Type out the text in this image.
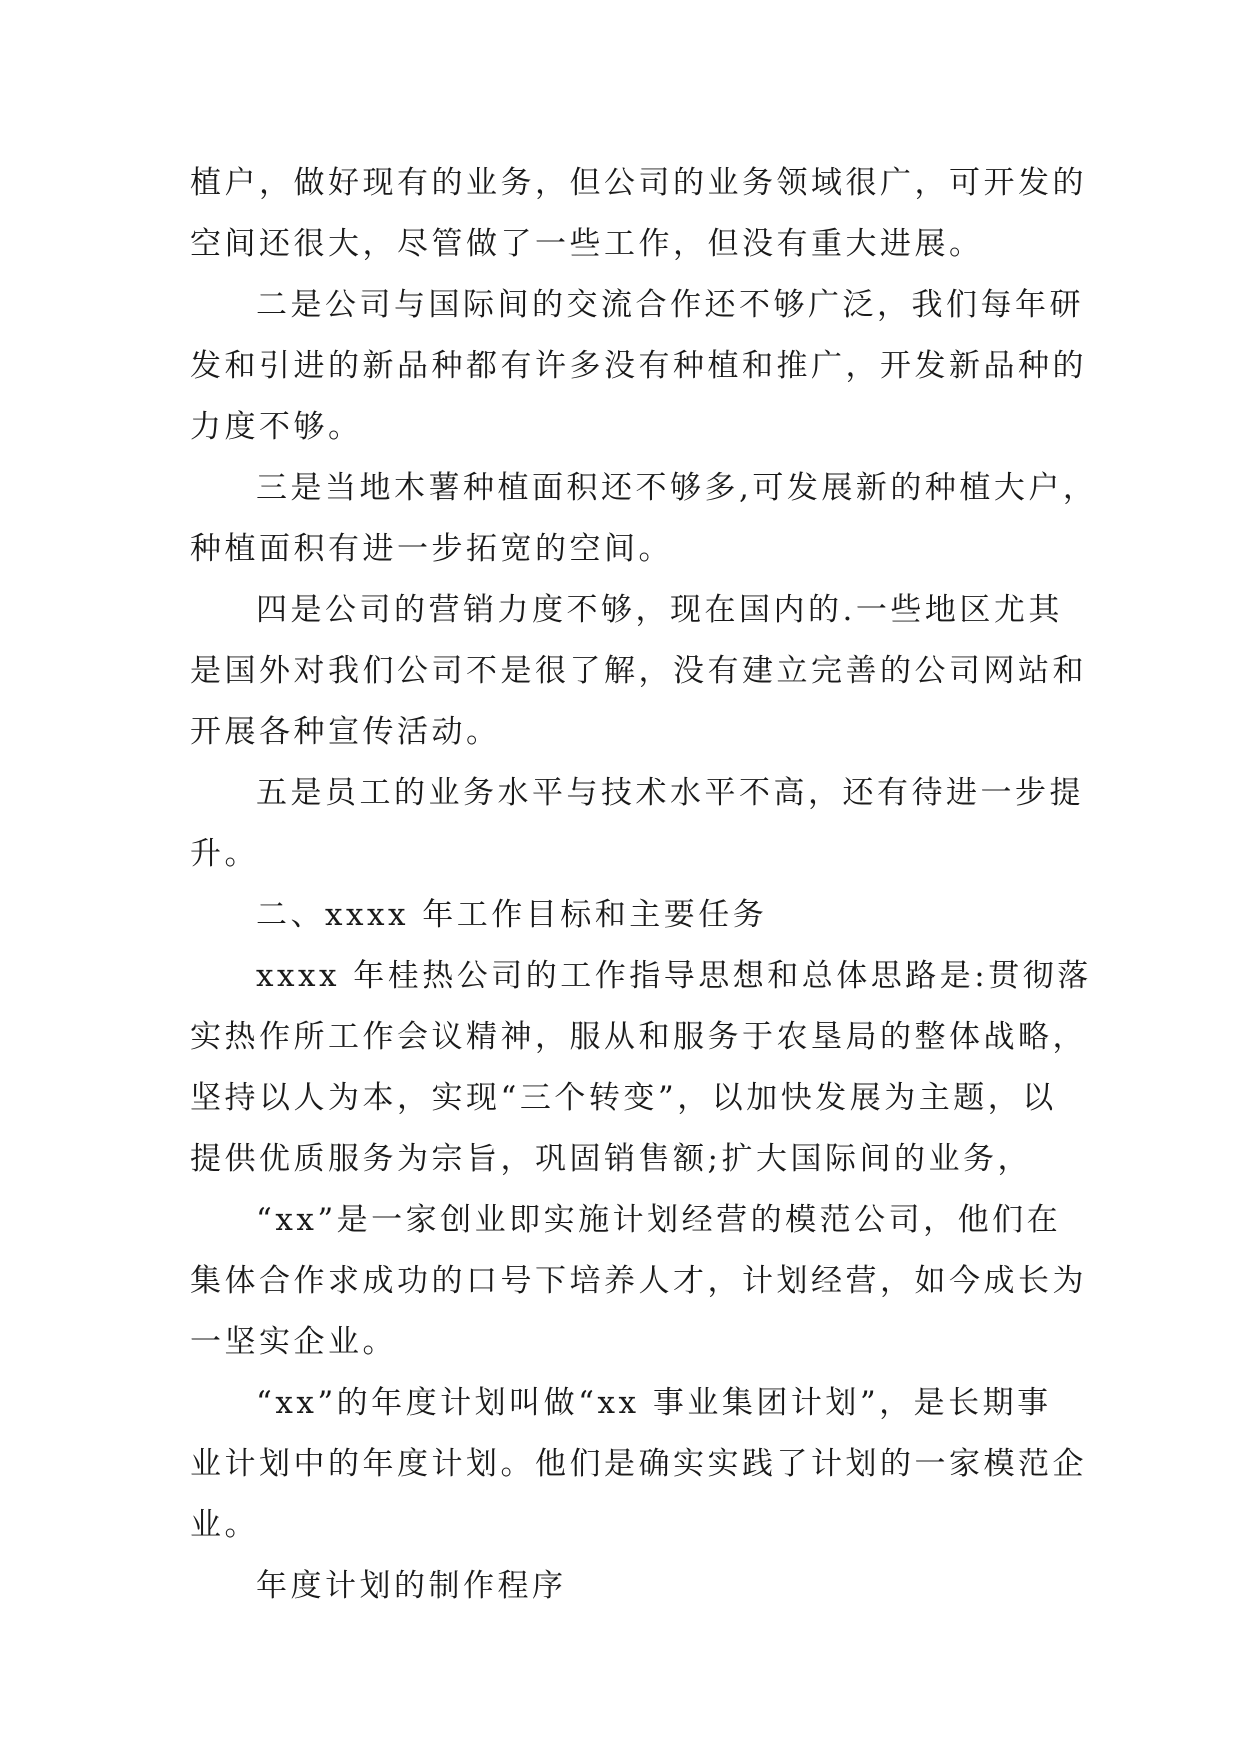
植户，做好现有的业务，但公司的业务领域很广，可开发的
空间还很大，尽管做了一些工作，但没有重大进展。
二是公司与国际间的交流合作还不够广泛，我们每年研
发和引进的新品种都有许多没有种植和推广，开发新品种的
力度不够。
三是当地木薯种植面积还不够多,可发展新的种植大户，
种植面积有进一步拓宽的空间。
四是公司的营销力度不够，现在国内的.一些地区尤其
是国外对我们公司不是很了解，没有建立完善的公司网站和
开展各种宣传活动。
五是员工的业务水平与技术水平不高，还有待进一步提
升。
二、xxxx 年工作目标和主要任务
xxxx 年桂热公司的工作指导思想和总体思路是:贯彻落
实热作所工作会议精神，服从和服务于农垦局的整体战略，
坚持以人为本，实现“三个转变”，以加快发展为主题，以
提供优质服务为宗旨，巩固销售额;扩大国际间的业务，
“xx”是一家创业即实施计划经营的模范公司，他们在
集体合作求成功的口号下培养人才，计划经营，如今成长为
一坚实企业。
“xx”的年度计划叫做“xx 事业集团计划”，是长期事
业计划中的年度计划。他们是确实实践了计划的一家模范企
业。
年度计划的制作程序
